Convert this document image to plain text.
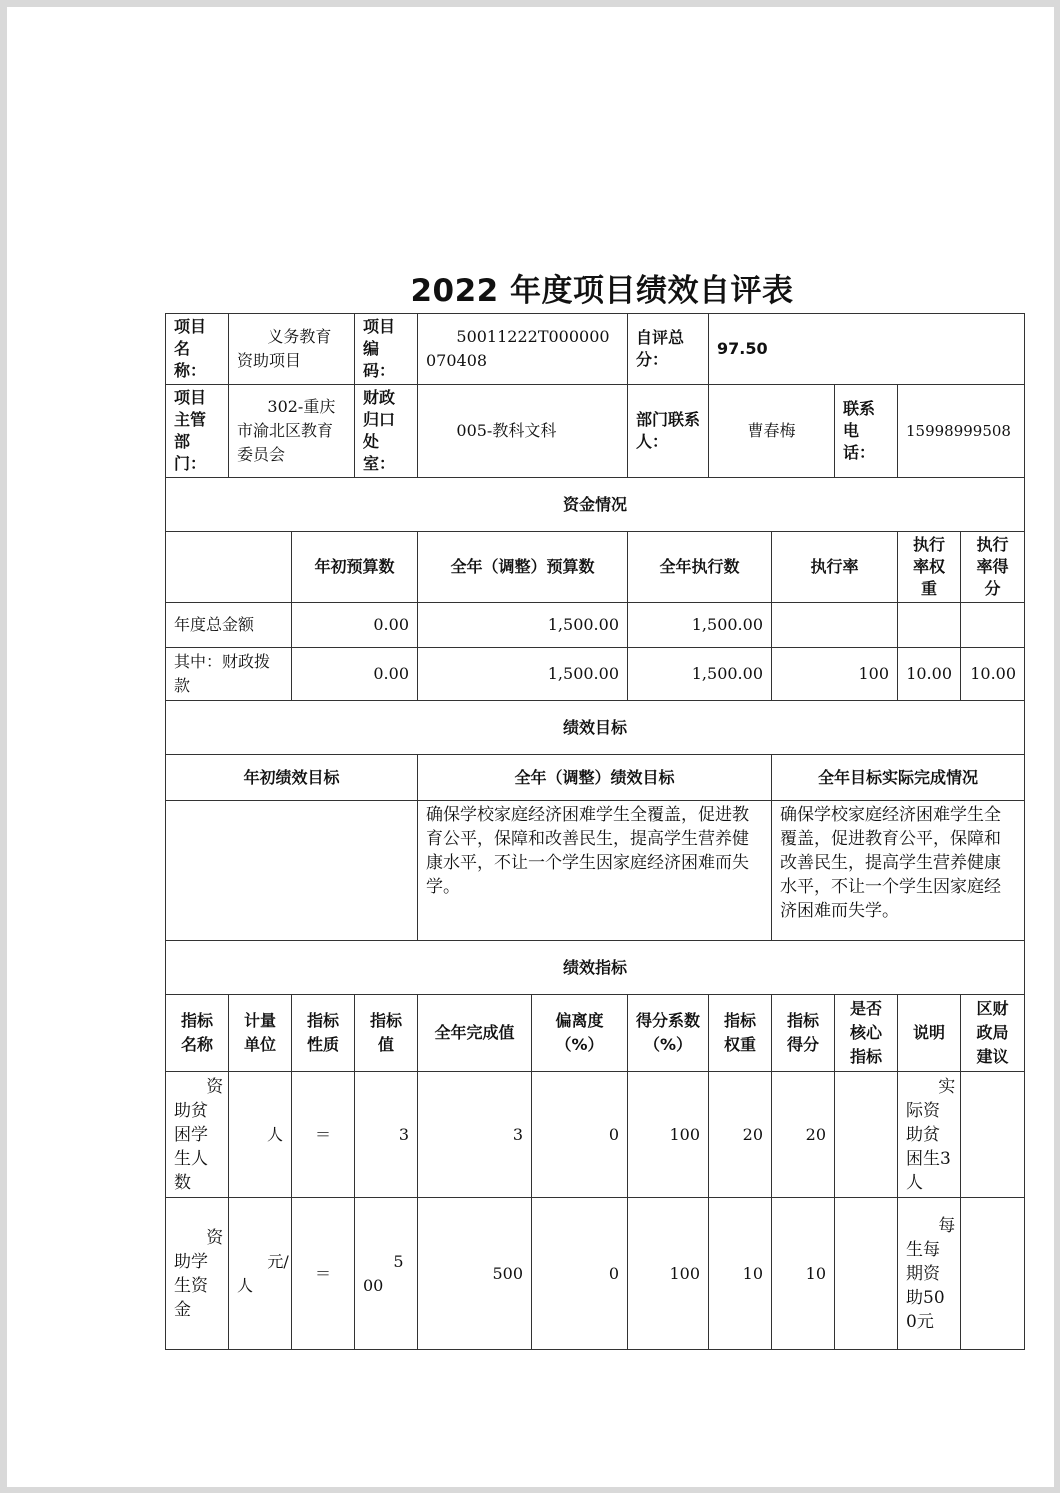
2022 年度项目绩效自评表
项目名称：	义务教育资助项目		项目编码：	50011222T000000070408		自评总分：	97.50				
项目主管部门：	302-重庆市渝北区教育委员会		财政归口处室：	005-教科文科		部门联系人：	曹春梅		联系电话：	15998999508	
资金情况											
		年初预算数		全年（调整）预算数		全年执行数		执行率		执行率权重	执行率得分
年度总金额		0.00		1,500.00		1,500.00					
其中：财政拨款		0.00		1,500.00		1,500.00		100		10.00	10.00
绩效目标											
年初绩效目标				全年（调整）绩效目标				全年目标实际完成情况			
				确保学校家庭经济困难学生全覆盖，促进教育公平，保障和改善民生，提高学生营养健康水平，不让一个学生因家庭经济困难而失学。				确保学校家庭经济困难学生全覆盖，促进教育公平，保障和改善民生，提高学生营养健康水平，不让一个学生因家庭经济困难而失学。			
绩效指标											
指标名称	计量单位	指标性质	指标值	全年完成值	偏离度（%）	得分系数（%）	指标权重	指标得分	是否核心指标	说明	区财政局建议
资助贫困学生人数	人	＝	3	3	0	100	20	20		实际资助贫困生3人	
资助学生资金	元/人	＝	500	500	0	100	10	10		每生每期资助500元	
